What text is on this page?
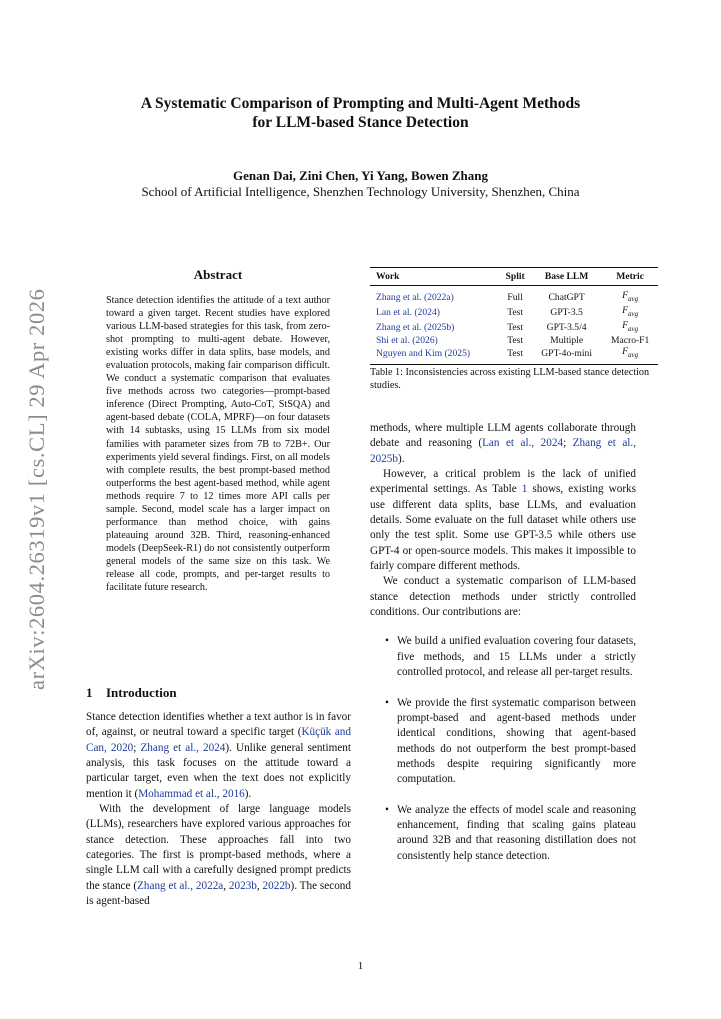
A Systematic Comparison of Prompting and Multi-Agent Methods
for LLM-based Stance Detection
Genan Dai, Zini Chen, Yi Yang, Bowen Zhang
School of Artificial Intelligence, Shenzhen Technology University, Shenzhen, China
arXiv:2604.26319v1 [cs.CL] 29 Apr 2026
Abstract
Stance detection identifies the attitude of a text author toward a given target. Recent studies have explored various LLM-based strategies for this task, from zero-shot prompting to multi-agent debate. However, existing works differ in data splits, base models, and evaluation protocols, making fair comparison difficult. We conduct a systematic comparison that evaluates five methods across two categories—prompt-based inference (Direct Prompting, Auto-CoT, StSQA) and agent-based debate (COLA, MPRF)—on four datasets with 14 subtasks, using 15 LLMs from six model families with parameter sizes from 7B to 72B+. Our experiments yield several findings. First, on all models with complete results, the best prompt-based method outperforms the best agent-based method, while agent methods require 7 to 12 times more API calls per sample. Second, model scale has a larger impact on performance than method choice, with gains plateauing around 32B. Third, reasoning-enhanced models (DeepSeek-R1) do not consistently outperform general models of the same size on this task. We release all code, prompts, and per-target results to facilitate future research.
1 Introduction

Stance detection identifies whether a text author is in favor of, against, or neutral toward a specific target (Küçük and Can, 2020; Zhang et al., 2024). Unlike general sentiment analysis, this task focuses on the attitude toward a particular target, even when the text does not explicitly mention it (Mohammad et al., 2016).

With the development of large language models (LLMs), researchers have explored various approaches for stance detection. These approaches fall into two categories. The first is prompt-based methods, where a single LLM call with a carefully designed prompt predicts the stance (Zhang et al., 2022a, 2023b, 2022b). The second is agent-based

Work	Split	Base LLM	Metric
Zhang et al. (2022a)	Full	ChatGPT	$F_{avg}$
Lan et al. (2024)	Test	GPT-3.5	$F_{avg}$
Zhang et al. (2025b)	Test	GPT-3.5/4	$F_{avg}$
Shi et al. (2026)	Test	Multiple	Macro-F1
Nguyen and Kim (2025)	Test	GPT-4o-mini	$F_{avg}$
Table 1: Inconsistencies across existing LLM-based stance detection studies.

methods, where multiple LLM agents collaborate through debate and reasoning (Lan et al., 2024; Zhang et al., 2025b).

However, a critical problem is the lack of unified experimental settings. As Table 1 shows, existing works use different data splits, base LLMs, and evaluation details. Some evaluate on the full dataset while others use only the test split. Some use GPT-3.5 while others use GPT-4 or open-source models. This makes it impossible to fairly compare different methods.

We conduct a systematic comparison of LLM-based stance detection methods under strictly controlled conditions. Our contributions are:

• We build a unified evaluation covering four datasets, five methods, and 15 LLMs under a strictly controlled protocol, and release all per-target results.
• We provide the first systematic comparison between prompt-based and agent-based methods under identical conditions, showing that agent-based methods do not outperform the best prompt-based methods despite requiring significantly more computation.
• We analyze the effects of model scale and reasoning enhancement, finding that scaling gains plateau around 32B and that reasoning distillation does not consistently help stance detection.
1
